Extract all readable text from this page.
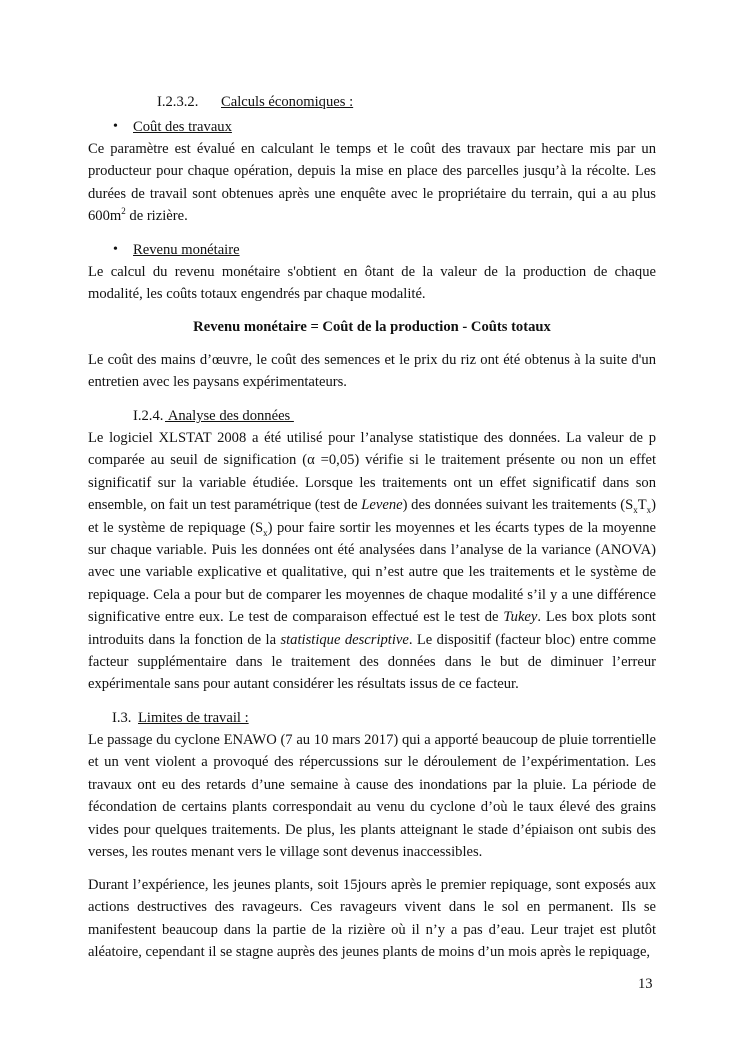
I.2.3.2. Calculs économiques :
• Coût des travaux
Ce paramètre est évalué en calculant le temps et le coût des travaux par hectare mis par un producteur pour chaque opération, depuis la mise en place des parcelles jusqu’à la récolte. Les durées de travail sont obtenues après une enquête avec le propriétaire du terrain, qui a au plus $600m^2$ de rizière.
• Revenu monétaire
Le calcul du revenu monétaire s'obtient en ôtant de la valeur de la production de chaque modalité, les coûts totaux engendrés par chaque modalité.
Revenu monétaire = Coût de la production - Coûts totaux
Le coût des mains d’œuvre, le coût des semences et le prix du riz ont été obtenus à la suite d'un entretien avec les paysans expérimentateurs.
I.2.4. Analyse des données
Le logiciel XLSTAT 2008 a été utilisé pour l’analyse statistique des données. La valeur de p comparée au seuil de signification (α =0,05) vérifie si le traitement présente ou non un effet significatif sur la variable étudiée. Lorsque les traitements ont un effet significatif dans son ensemble, on fait un test paramétrique (test de Levene) des données suivant les traitements $(S_xT_x)$ et le système de repiquage $(S_x)$ pour faire sortir les moyennes et les écarts types de la moyenne sur chaque variable. Puis les données ont été analysées dans l’analyse de la variance (ANOVA) avec une variable explicative et qualitative, qui n’est autre que les traitements et le système de repiquage. Cela a pour but de comparer les moyennes de chaque modalité s’il y a une différence significative entre eux. Le test de comparaison effectué est le test de Tukey. Les box plots sont introduits dans la fonction de la statistique descriptive. Le dispositif (facteur bloc) entre comme facteur supplémentaire dans le traitement des données dans le but de diminuer l’erreur expérimentale sans pour autant considérer les résultats issus de ce facteur.
I.3. Limites de travail :
Le passage du cyclone ENAWO (7 au 10 mars 2017) qui a apporté beaucoup de pluie torrentielle et un vent violent a provoqué des répercussions sur le déroulement de l’expérimentation. Les travaux ont eu des retards d’une semaine à cause des inondations par la pluie. La période de fécondation de certains plants correspondait au venu du cyclone d’où le taux élevé des grains vides pour quelques traitements. De plus, les plants atteignant le stade d’épiaison ont subis des verses, les routes menant vers le village sont devenus inaccessibles.
Durant l’expérience, les jeunes plants, soit 15jours après le premier repiquage, sont exposés aux actions destructives des ravageurs. Ces ravageurs vivent dans le sol en permanent. Ils se manifestent beaucoup dans la partie de la rizière où il n’y a pas d’eau. Leur trajet est plutôt aléatoire, cependant il se stagne auprès des jeunes plants de moins d’un mois après le repiquage,
13
